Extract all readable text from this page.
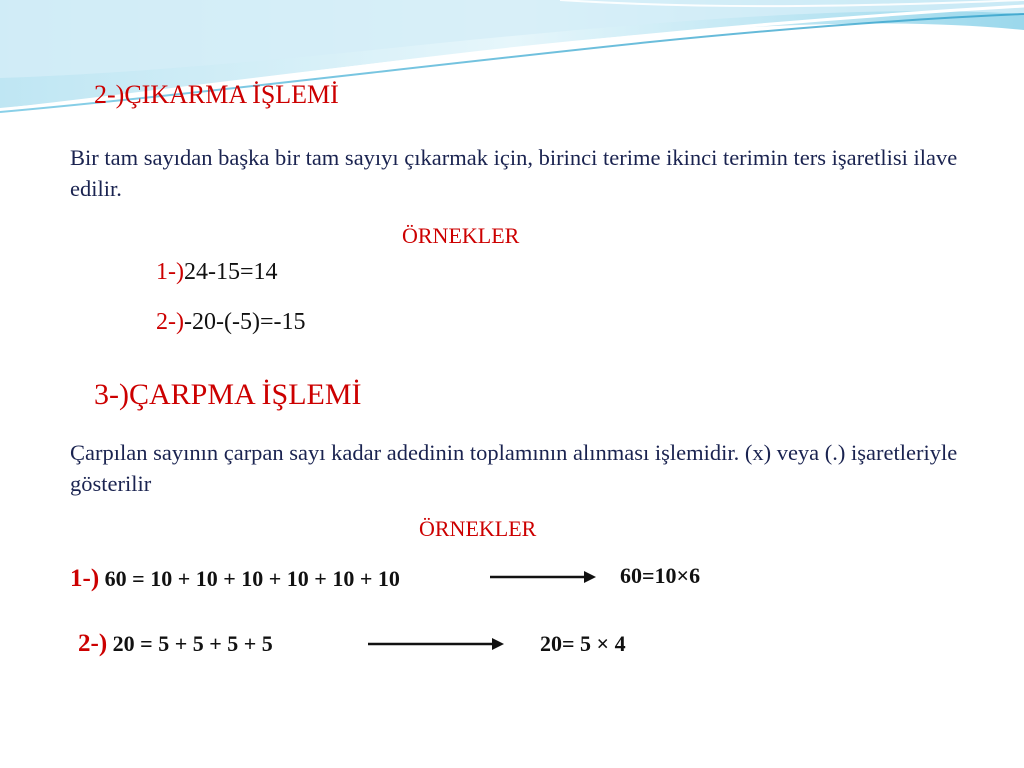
2-)ÇIKARMA İŞLEMİ
Bir tam sayıdan başka bir tam sayıyı çıkarmak için, birinci terime ikinci terimin ters işaretlisi ilave edilir.
ÖRNEKLER
1-)24-15=14
2-)-20-(-5)=-15
3-)ÇARPMA İŞLEMİ
Çarpılan sayının çarpan sayı kadar adedinin toplamının alınması işlemidir. (x) veya (.) işaretleriyle gösterilir
ÖRNEKLER
1-) 60 = 10 + 10 + 10 + 10 + 10 + 10	60=10×6
2-) 20 = 5 + 5 + 5 + 5	20= 5 × 4
